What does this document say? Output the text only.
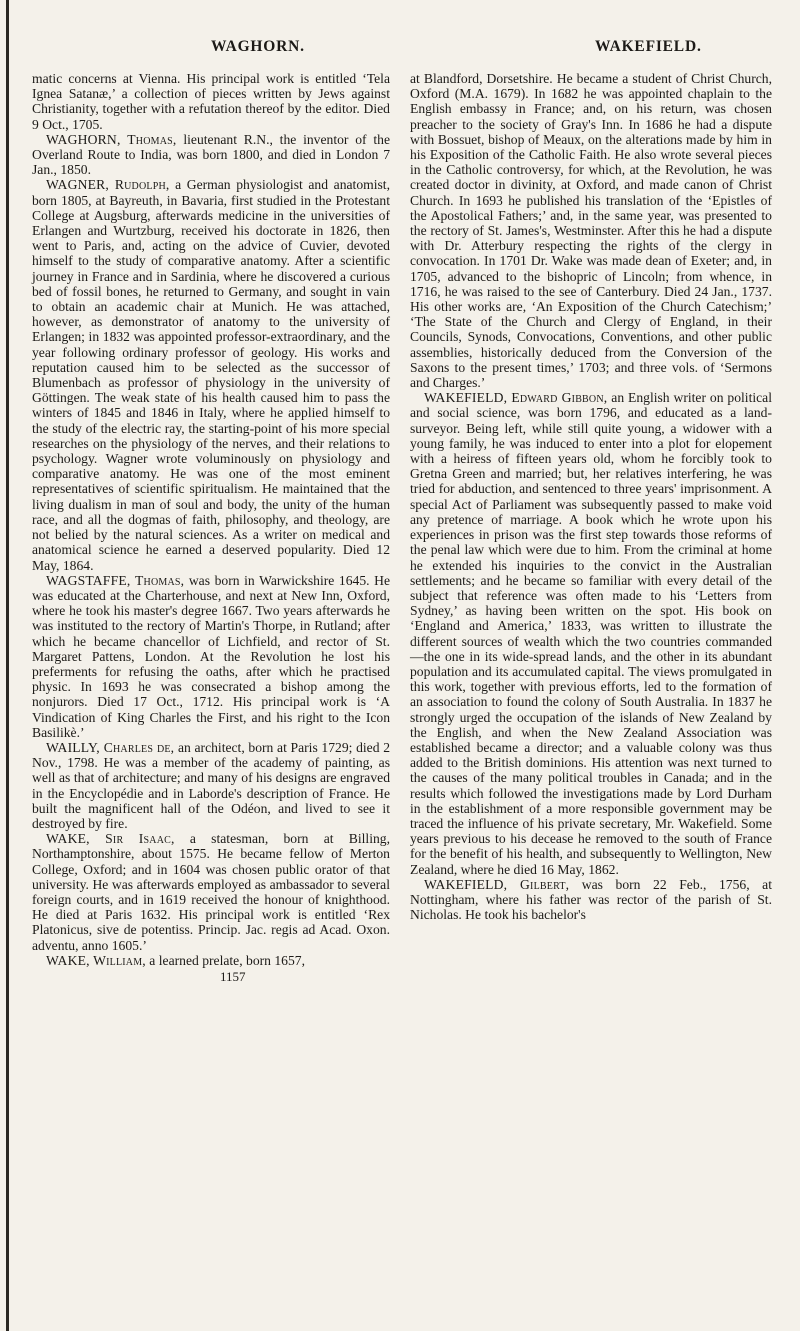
WAGHORN.	WAKEFIELD.

matic concerns at Vienna. His principal work is entitled ‘Tela Ignea Satanæ,’ a collection of pieces written by Jews against Christianity, together with a refutation thereof by the editor. Died 9 Oct., 1705.

WAGHORN, Thomas, lieutenant R.N., the inventor of the Overland Route to India, was born 1800, and died in London 7 Jan., 1850.

WAGNER, Rudolph, a German physiologist and anatomist, born 1805, at Bayreuth, in Bavaria, first studied in the Protestant College at Augsburg, afterwards medicine in the universities of Erlangen and Wurtzburg, received his doctorate in 1826, then went to Paris, and, acting on the advice of Cuvier, devoted himself to the study of comparative anatomy. After a scientific journey in France and in Sardinia, where he discovered a curious bed of fossil bones, he returned to Germany, and sought in vain to obtain an academic chair at Munich. He was attached, however, as demonstrator of anatomy to the university of Erlangen; in 1832 was appointed professor-extraordinary, and the year following ordinary professor of geology. His works and reputation caused him to be selected as the successor of Blumenbach as professor of physiology in the university of Göttingen. The weak state of his health caused him to pass the winters of 1845 and 1846 in Italy, where he applied himself to the study of the electric ray, the starting-point of his more special researches on the physiology of the nerves, and their relations to psychology. Wagner wrote voluminously on physiology and comparative anatomy. He was one of the most eminent representatives of scientific spiritualism. He maintained that the living dualism in man of soul and body, the unity of the human race, and all the dogmas of faith, philosophy, and theology, are not belied by the natural sciences. As a writer on medical and anatomical science he earned a deserved popularity. Died 12 May, 1864.

WAGSTAFFE, Thomas, was born in Warwickshire 1645. He was educated at the Charterhouse, and next at New Inn, Oxford, where he took his master's degree 1667. Two years afterwards he was instituted to the rectory of Martin's Thorpe, in Rutland; after which he became chancellor of Lichfield, and rector of St. Margaret Pattens, London. At the Revolution he lost his preferments for refusing the oaths, after which he practised physic. In 1693 he was consecrated a bishop among the nonjurors. Died 17 Oct., 1712. His principal work is ‘A Vindication of King Charles the First, and his right to the Icon Basilikè.’

WAILLY, Charles de, an architect, born at Paris 1729; died 2 Nov., 1798. He was a member of the academy of painting, as well as that of architecture; and many of his designs are engraved in the Encyclopédie and in Laborde's description of France. He built the magnificent hall of the Odéon, and lived to see it destroyed by fire.

WAKE, Sir Isaac, a statesman, born at Billing, Northamptonshire, about 1575. He became fellow of Merton College, Oxford; and in 1604 was chosen public orator of that university. He was afterwards employed as ambassador to several foreign courts, and in 1619 received the honour of knighthood. He died at Paris 1632. His principal work is entitled ‘Rex Platonicus, sive de potentiss. Princip. Jac. regis ad Acad. Oxon. adventu, anno 1605.’

WAKE, William, a learned prelate, born 1657,

1157

at Blandford, Dorsetshire. He became a student of Christ Church, Oxford (M.A. 1679). In 1682 he was appointed chaplain to the English embassy in France; and, on his return, was chosen preacher to the society of Gray's Inn. In 1686 he had a dispute with Bossuet, bishop of Meaux, on the alterations made by him in his Exposition of the Catholic Faith. He also wrote several pieces in the Catholic controversy, for which, at the Revolution, he was created doctor in divinity, at Oxford, and made canon of Christ Church. In 1693 he published his translation of the ‘Epistles of the Apostolical Fathers;’ and, in the same year, was presented to the rectory of St. James's, Westminster. After this he had a dispute with Dr. Atterbury respecting the rights of the clergy in convocation. In 1701 Dr. Wake was made dean of Exeter; and, in 1705, advanced to the bishopric of Lincoln; from whence, in 1716, he was raised to the see of Canterbury. Died 24 Jan., 1737. His other works are, ‘An Exposition of the Church Catechism;’ ‘The State of the Church and Clergy of England, in their Councils, Synods, Convocations, Conventions, and other public assemblies, historically deduced from the Conversion of the Saxons to the present times,’ 1703; and three vols. of ‘Sermons and Charges.’

WAKEFIELD, Edward Gibbon, an English writer on political and social science, was born 1796, and educated as a land-surveyor. Being left, while still quite young, a widower with a young family, he was induced to enter into a plot for elopement with a heiress of fifteen years old, whom he forcibly took to Gretna Green and married; but, her relatives interfering, he was tried for abduction, and sentenced to three years' imprisonment. A special Act of Parliament was subsequently passed to make void any pretence of marriage. A book which he wrote upon his experiences in prison was the first step towards those reforms of the penal law which were due to him. From the criminal at home he extended his inquiries to the convict in the Australian settlements; and he became so familiar with every detail of the subject that reference was often made to his ‘Letters from Sydney,’ as having been written on the spot. His book on ‘England and America,’ 1833, was written to illustrate the different sources of wealth which the two countries commanded—the one in its wide-spread lands, and the other in its abundant population and its accumulated capital. The views promulgated in this work, together with previous efforts, led to the formation of an association to found the colony of South Australia. In 1837 he strongly urged the occupation of the islands of New Zealand by the English, and when the New Zealand Association was established became a director; and a valuable colony was thus added to the British dominions. His attention was next turned to the causes of the many political troubles in Canada; and in the results which followed the investigations made by Lord Durham in the establishment of a more responsible government may be traced the influence of his private secretary, Mr. Wakefield. Some years previous to his decease he removed to the south of France for the benefit of his health, and subsequently to Wellington, New Zealand, where he died 16 May, 1862.

WAKEFIELD, Gilbert, was born 22 Feb., 1756, at Nottingham, where his father was rector of the parish of St. Nicholas. He took his bachelor's
